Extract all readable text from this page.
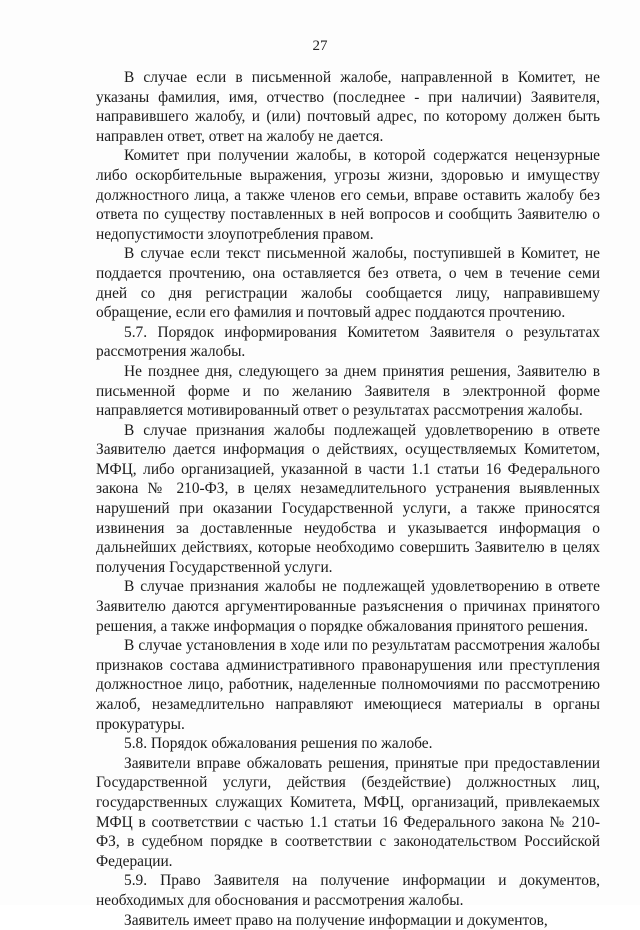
27

В случае если в письменной жалобе, направленной в Комитет, не указаны фамилия, имя, отчество (последнее - при наличии) Заявителя, направившего жалобу, и (или) почтовый адрес, по которому должен быть направлен ответ, ответ на жалобу не дается.

Комитет при получении жалобы, в которой содержатся нецензурные либо оскорбительные выражения, угрозы жизни, здоровью и имуществу должностного лица, а также членов его семьи, вправе оставить жалобу без ответа по существу поставленных в ней вопросов и сообщить Заявителю о недопустимости злоупотребления правом.

В случае если текст письменной жалобы, поступившей в Комитет, не поддается прочтению, она оставляется без ответа, о чем в течение семи дней со дня регистрации жалобы сообщается лицу, направившему обращение, если его фамилия и почтовый адрес поддаются прочтению.

5.7. Порядок информирования Комитетом Заявителя о результатах рассмотрения жалобы.

Не позднее дня, следующего за днем принятия решения, Заявителю в письменной форме и по желанию Заявителя в электронной форме направляется мотивированный ответ о результатах рассмотрения жалобы.

В случае признания жалобы подлежащей удовлетворению в ответе Заявителю дается информация о действиях, осуществляемых Комитетом, МФЦ, либо организацией, указанной в части 1.1 статьи 16 Федерального закона № 210-ФЗ, в целях незамедлительного устранения выявленных нарушений при оказании Государственной услуги, а также приносятся извинения за доставленные неудобства и указывается информация о дальнейших действиях, которые необходимо совершить Заявителю в целях получения Государственной услуги.

В случае признания жалобы не подлежащей удовлетворению в ответе Заявителю даются аргументированные разъяснения о причинах принятого решения, а также информация о порядке обжалования принятого решения.

В случае установления в ходе или по результатам рассмотрения жалобы признаков состава административного правонарушения или преступления должностное лицо, работник, наделенные полномочиями по рассмотрению жалоб, незамедлительно направляют имеющиеся материалы в органы прокуратуры.

5.8. Порядок обжалования решения по жалобе.

Заявители вправе обжаловать решения, принятые при предоставлении Государственной услуги, действия (бездействие) должностных лиц, государственных служащих Комитета, МФЦ, организаций, привлекаемых МФЦ в соответствии с частью 1.1 статьи 16 Федерального закона № 210-ФЗ, в судебном порядке в соответствии с законодательством Российской Федерации.

5.9. Право Заявителя на получение информации и документов, необходимых для обоснования и рассмотрения жалобы.

Заявитель имеет право на получение информации и документов,
